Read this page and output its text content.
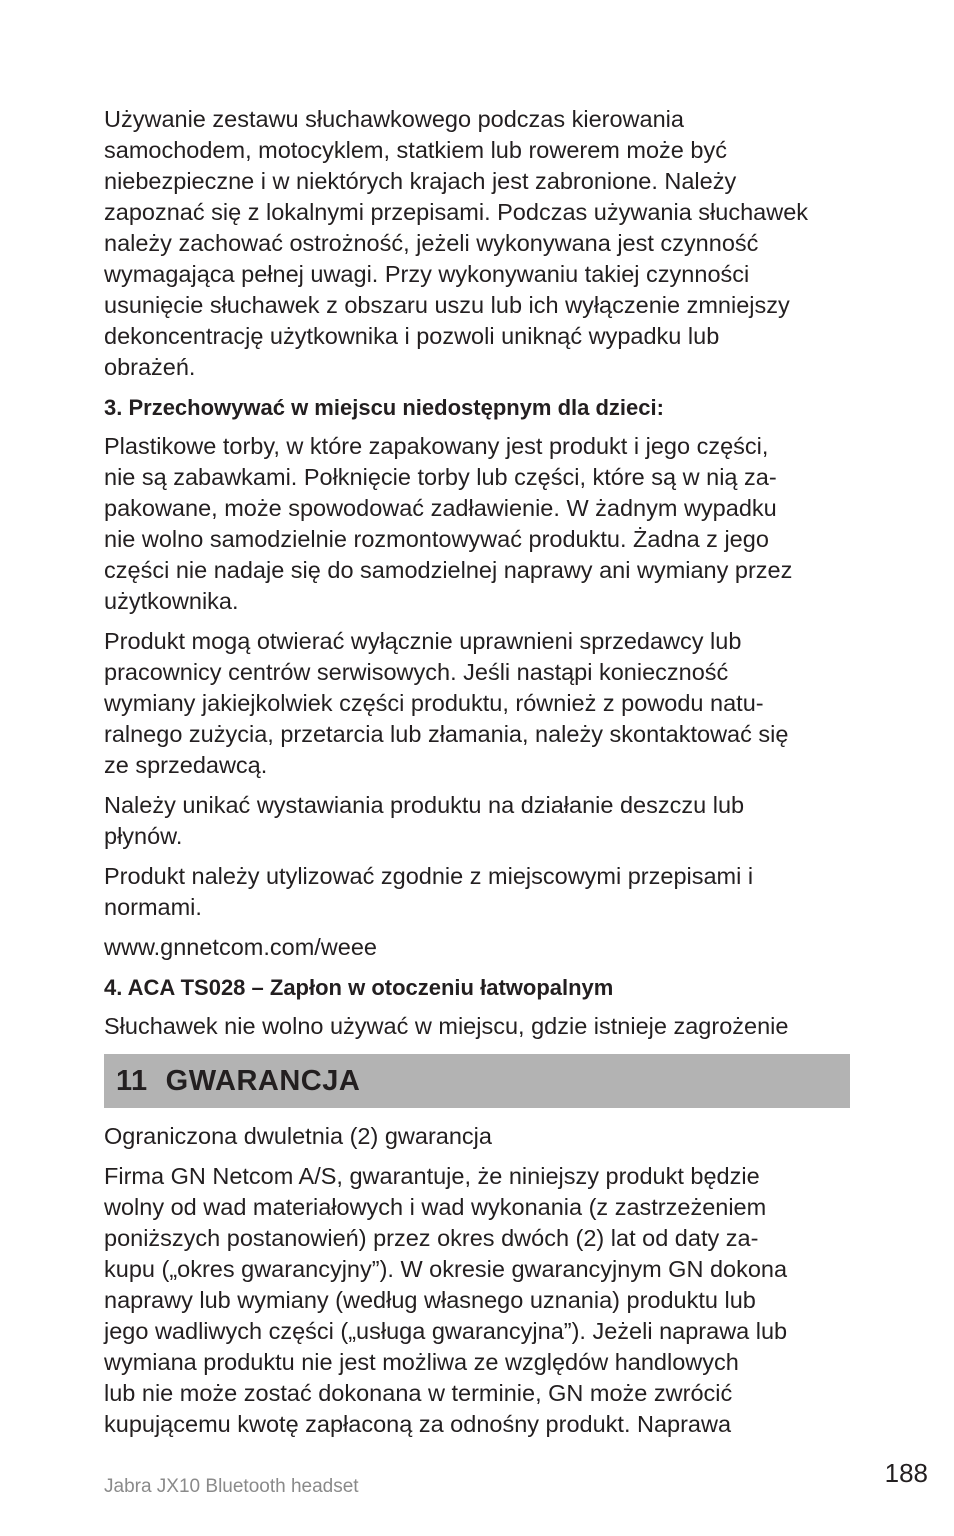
Używanie zestawu słuchawkowego podczas kierowania
samochodem, motocyklem, statkiem lub rowerem może być
niebezpieczne i w niektórych krajach jest zabronione. Należy
zapoznać się z lokalnymi przepisami. Podczas używania słuchawek
należy zachować ostrożność, jeżeli wykonywana jest czynność
wymagająca pełnej uwagi. Przy wykonywaniu takiej czynności
usunięcie słuchawek z obszaru uszu lub ich wyłączenie zmniejszy
dekoncentrację użytkownika i pozwoli uniknąć wypadku lub
obrażeń.
3. Przechowywać w miejscu niedostępnym dla dzieci:
Plastikowe torby, w które zapakowany jest produkt i jego części,
nie są zabawkami. Połknięcie torby lub części, które są w nią za-
pakowane, może spowodować zadławienie. W żadnym wypadku
nie wolno samodzielnie rozmontowywać produktu. Żadna z jego
części nie nadaje się do samodzielnej naprawy ani wymiany przez
użytkownika.
Produkt mogą otwierać wyłącznie uprawnieni sprzedawcy lub
pracownicy centrów serwisowych. Jeśli nastąpi konieczność
wymiany jakiejkolwiek części produktu, również z powodu natu-
ralnego zużycia, przetarcia lub złamania, należy skontaktować się
ze sprzedawcą.
Należy unikać wystawiania produktu na działanie deszczu lub
płynów.
Produkt należy utylizować zgodnie z miejscowymi przepisami i
normami.
www.gnnetcom.com/weee
4. ACA TS028 – Zapłon w otoczeniu łatwopalnym
Słuchawek nie wolno używać w miejscu, gdzie istnieje zagrożenie
11 GWARANCJA
Ograniczona dwuletnia (2) gwarancja
Firma GN Netcom A/S, gwarantuje, że niniejszy produkt będzie
wolny od wad materiałowych i wad wykonania (z zastrzeżeniem
poniższych postanowień) przez okres dwóch (2) lat od daty za-
kupu („okres gwarancyjny”). W okresie gwarancyjnym GN dokona
naprawy lub wymiany (według własnego uznania) produktu lub
jego wadliwych części („usługa gwarancyjna”). Jeżeli naprawa lub
wymiana produktu nie jest możliwa ze względów handlowych
lub nie może zostać dokonana w terminie, GN może zwrócić
kupującemu kwotę zapłaconą za odnośny produkt. Naprawa
Jabra JX10 Bluetooth headset	188
